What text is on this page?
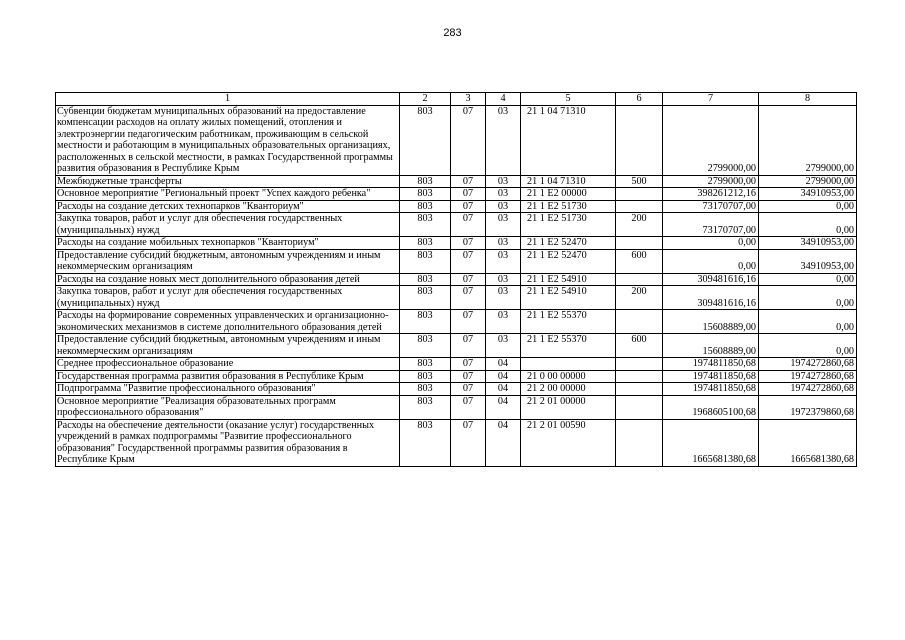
283
1	2	3	4	5	6	7	8
Субвенции бюджетам муниципальных образований на предоставление компенсации расходов на оплату жилых помещений, отопления и электроэнергии педагогическим работникам, проживающим в сельской местности и работающим в муниципальных образовательных организациях, расположенных в сельской местности, в рамках Государственной программы развития образования в Республике Крым	803	07	03	21 1 04 71310		2799000,00	2799000,00
Межбюджетные трансферты	803	07	03	21 1 04 71310	500	2799000,00	2799000,00
Основное мероприятие "Региональный проект "Успех каждого ребенка"	803	07	03	21 1 E2 00000		398261212,16	34910953,00
Расходы на создание детских технопарков "Кванториум"	803	07	03	21 1 E2 51730		73170707,00	0,00
Закупка товаров, работ и услуг для обеспечения государственных (муниципальных) нужд	803	07	03	21 1 E2 51730	200	73170707,00	0,00
Расходы на создание мобильных технопарков "Кванториум"	803	07	03	21 1 E2 52470		0,00	34910953,00
Предоставление субсидий бюджетным, автономным учреждениям и иным некоммерческим организациям	803	07	03	21 1 E2 52470	600	0,00	34910953,00
Расходы на создание новых мест дополнительного образования детей	803	07	03	21 1 E2 54910		309481616,16	0,00
Закупка товаров, работ и услуг для обеспечения государственных (муниципальных) нужд	803	07	03	21 1 E2 54910	200	309481616,16	0,00
Расходы на формирование современных управленческих и организационно-экономических механизмов в системе дополнительного образования детей	803	07	03	21 1 E2 55370		15608889,00	0,00
Предоставление субсидий бюджетным, автономным учреждениям и иным некоммерческим организациям	803	07	03	21 1 E2 55370	600	15608889,00	0,00
Среднее профессиональное образование	803	07	04			1974811850,68	1974272860,68
Государственная программа развития образования в Республике Крым	803	07	04	21 0 00 00000		1974811850,68	1974272860,68
Подпрограмма "Развитие профессионального образования"	803	07	04	21 2 00 00000		1974811850,68	1974272860,68
Основное мероприятие "Реализация образовательных программ профессионального образования"	803	07	04	21 2 01 00000		1968605100,68	1972379860,68
Расходы на обеспечение деятельности (оказание услуг) государственных учреждений в рамках подпрограммы "Развитие профессионального образования" Государственной программы развития образования в Республике Крым	803	07	04	21 2 01 00590		1665681380,68	1665681380,68
